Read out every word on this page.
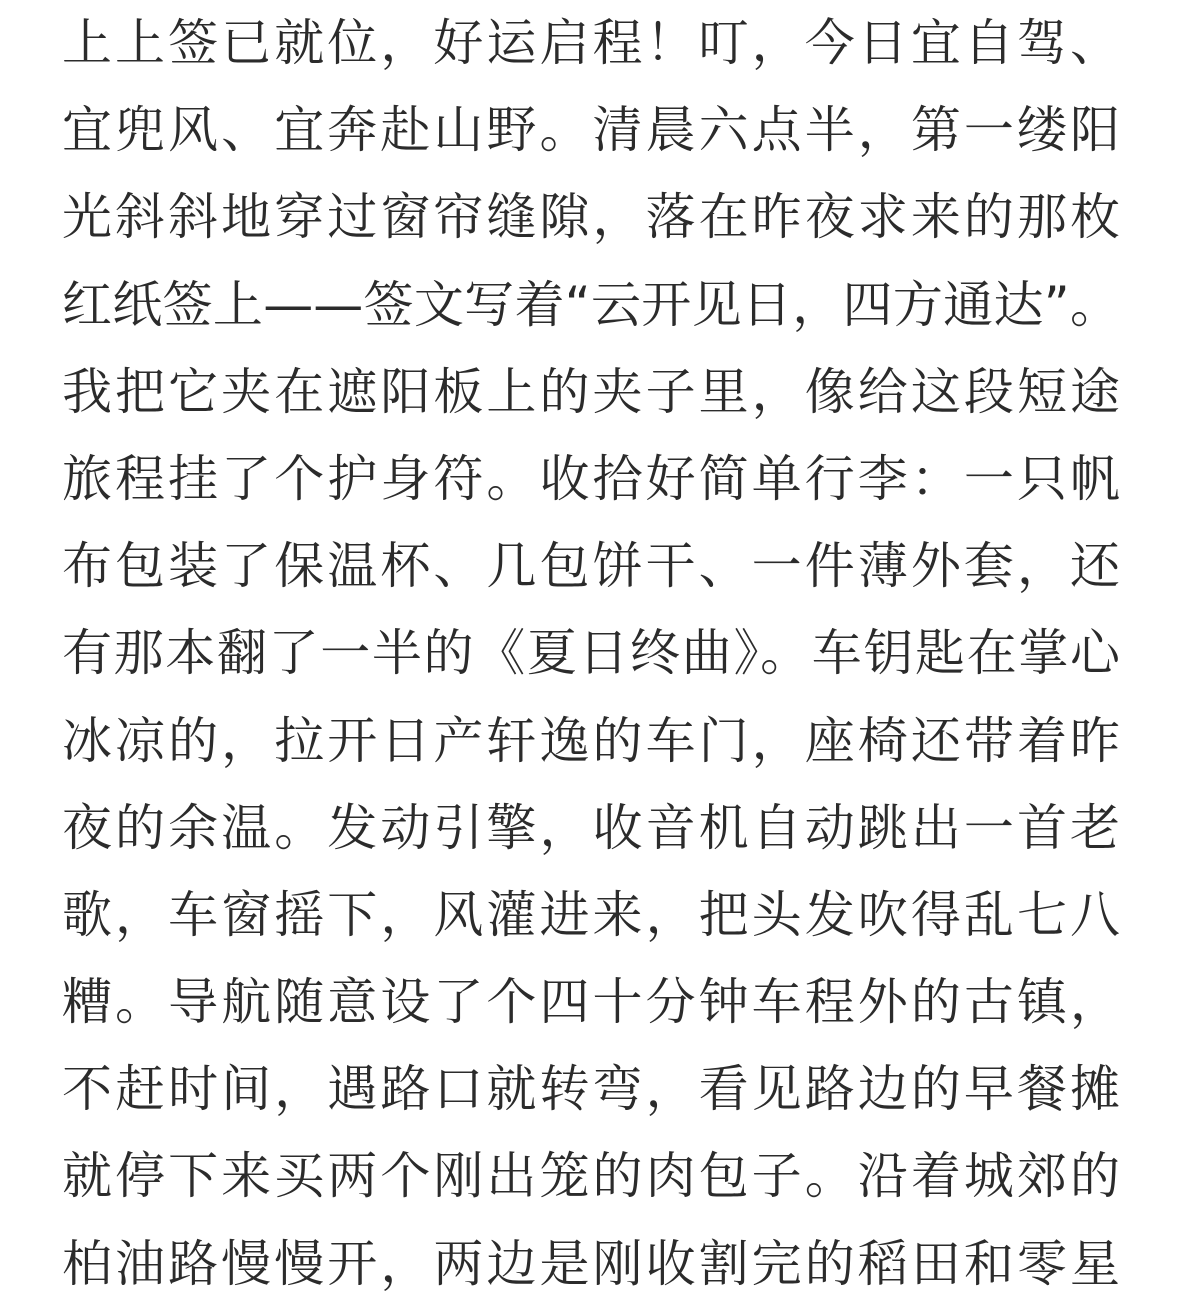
上上签已就位，好运启程！叮，今日宜自驾、

宜兜风、宜奔赴山野。清晨六点半，第一缕阳

光斜斜地穿过窗帘缝隙，落在昨夜求来的那枚

红纸签上——签文写着“云开见日，四方通达”。

我把它夹在遮阳板上的夹子里，像给这段短途

旅程挂了个护身符。收拾好简单行李：一只帆

布包装了保温杯、几包饼干、一件薄外套，还

有那本翻了一半的《夏日终曲》。车钥匙在掌心

冰凉的，拉开日产轩逸的车门，座椅还带着昨

夜的余温。发动引擎，收音机自动跳出一首老

歌，车窗摇下，风灌进来，把头发吹得乱七八

糟。导航随意设了个四十分钟车程外的古镇，

不赶时间，遇路口就转弯，看见路边的早餐摊

就停下来买两个刚出笼的肉包子。沿着城郊的

柏油路慢慢开，两边是刚收割完的稻田和零星
